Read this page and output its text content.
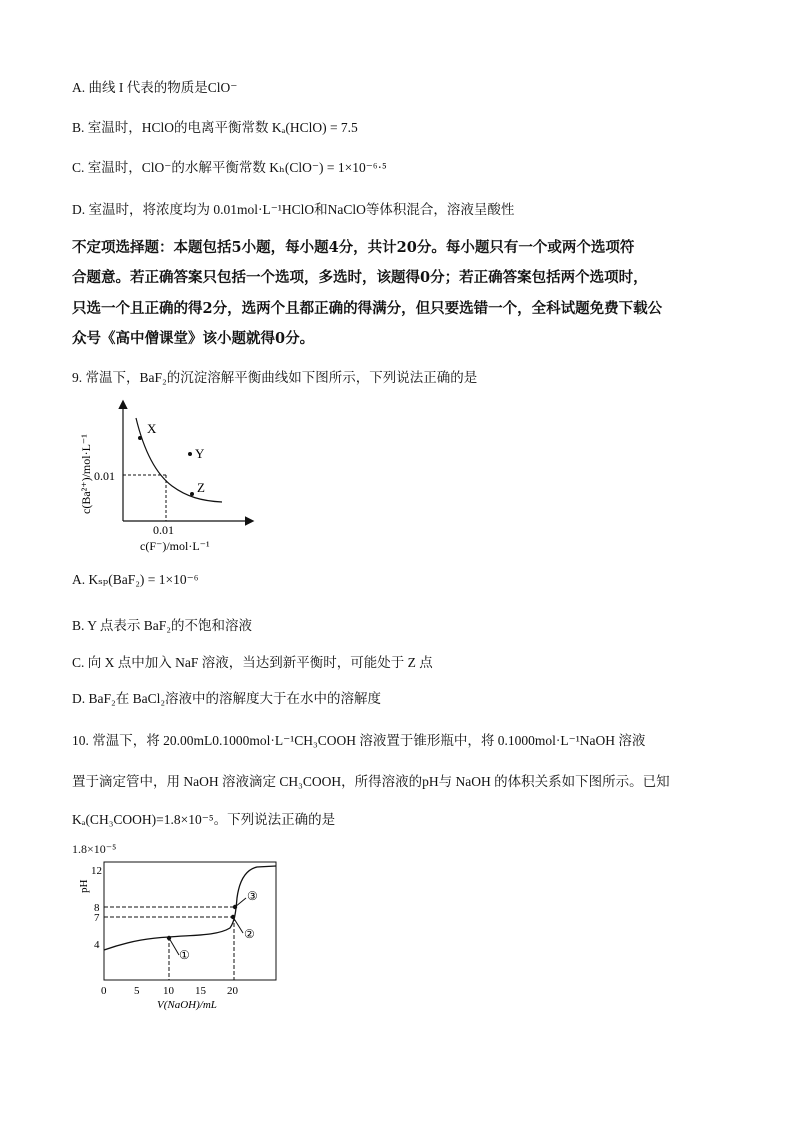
A. 曲线 I 代表的物质是ClO⁻
B. 室温时，HClO的电离平衡常数 Kₐ(HClO) = 7.5
C. 室温时，ClO⁻的水解平衡常数 Kₕ(ClO⁻) = 1×10⁻⁶·⁵
D. 室温时，将浓度均为 0.01mol·L⁻¹HClO和NaClO等体积混合，溶液呈酸性
不定项选择题：本题包括5小题，每小题4分，共计20分。每小题只有一个或两个选项符
合题意。若正确答案只包括一个选项，多选时，该题得0分；若正确答案包括两个选项时，
只选一个且正确的得2分，选两个且都正确的得满分，但只要选错一个，全科试题免费下载公
众号《高中僧课堂》该小题就得0分。
9. 常温下，BaF₂的沉淀溶解平衡曲线如下图所示，下列说法正确的是
X
Y
Z
0.01
0.01
c(F⁻)/mol·L⁻¹
c(Ba²⁺)/mol·L⁻¹
A. Kₛₚ(BaF₂) = 1×10⁻⁶
B. Y 点表示 BaF₂的不饱和溶液
C. 向 X 点中加入 NaF 溶液，当达到新平衡时，可能处于 Z 点
D. BaF₂在 BaCl₂溶液中的溶解度大于在水中的溶解度
10. 常温下，将 20.00mL0.1000mol·L⁻¹CH₃COOH 溶液置于锥形瓶中，将 0.1000mol·L⁻¹NaOH 溶液
置于滴定管中，用 NaOH 溶液滴定 CH₃COOH，所得溶液的pH与 NaOH 的体积关系如下图所示。已知
Kₐ(CH₃COOH)=1.8×10⁻⁵。下列说法正确的是
1.8×10⁻⁵
①
②
③
12
8
7
4
0	5 10 15 20
V(NaOH)/mL
pH
